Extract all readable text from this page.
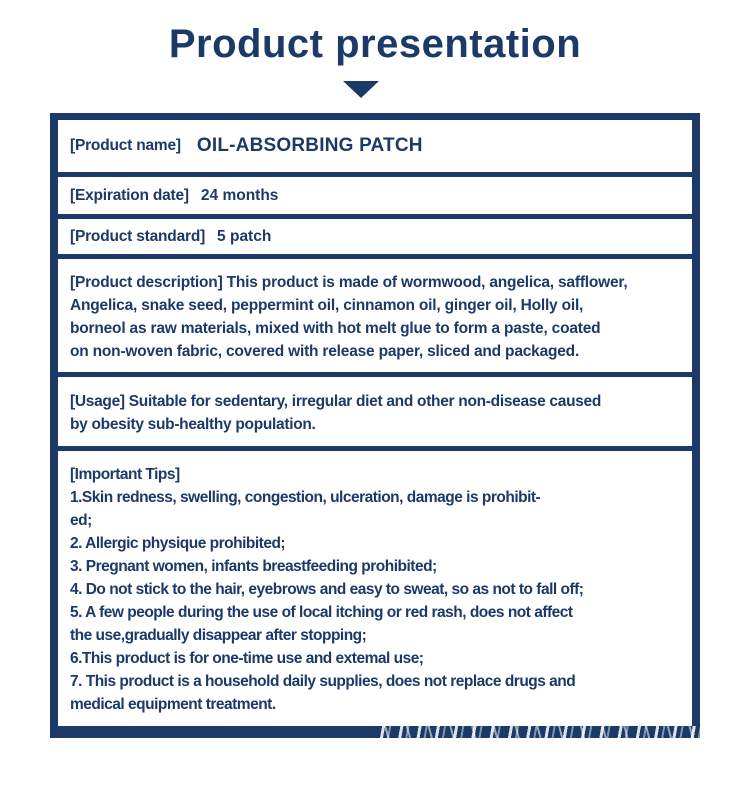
Product presentation
[Product name] OIL-ABSORBING PATCH
[Expiration date] 24 months
[Product standard] 5 patch
[Product description] This product is made of wormwood, angelica, safflower,
Angelica, snake seed, peppermint oil, cinnamon oil, ginger oil, Holly oil,
borneol as raw materials, mixed with hot melt glue to form a paste, coated
on non-woven fabric, covered with release paper, sliced and packaged.
[Usage] Suitable for sedentary, irregular diet and other non-disease caused
by obesity sub-healthy population.
[Important Tips]
1.Skin redness, swelling, congestion, ulceration, damage is prohibit-
ed;
2. Allergic physique prohibited;
3. Pregnant women, infants breastfeeding prohibited;
4. Do not stick to the hair, eyebrows and easy to sweat, so as not to fall off;
5. A few people during the use of local itching or red rash, does not affect
the use,gradually disappear after stopping;
6.This product is for one-time use and extemal use;
7. This product is a household daily supplies, does not replace drugs and
medical equipment treatment.
